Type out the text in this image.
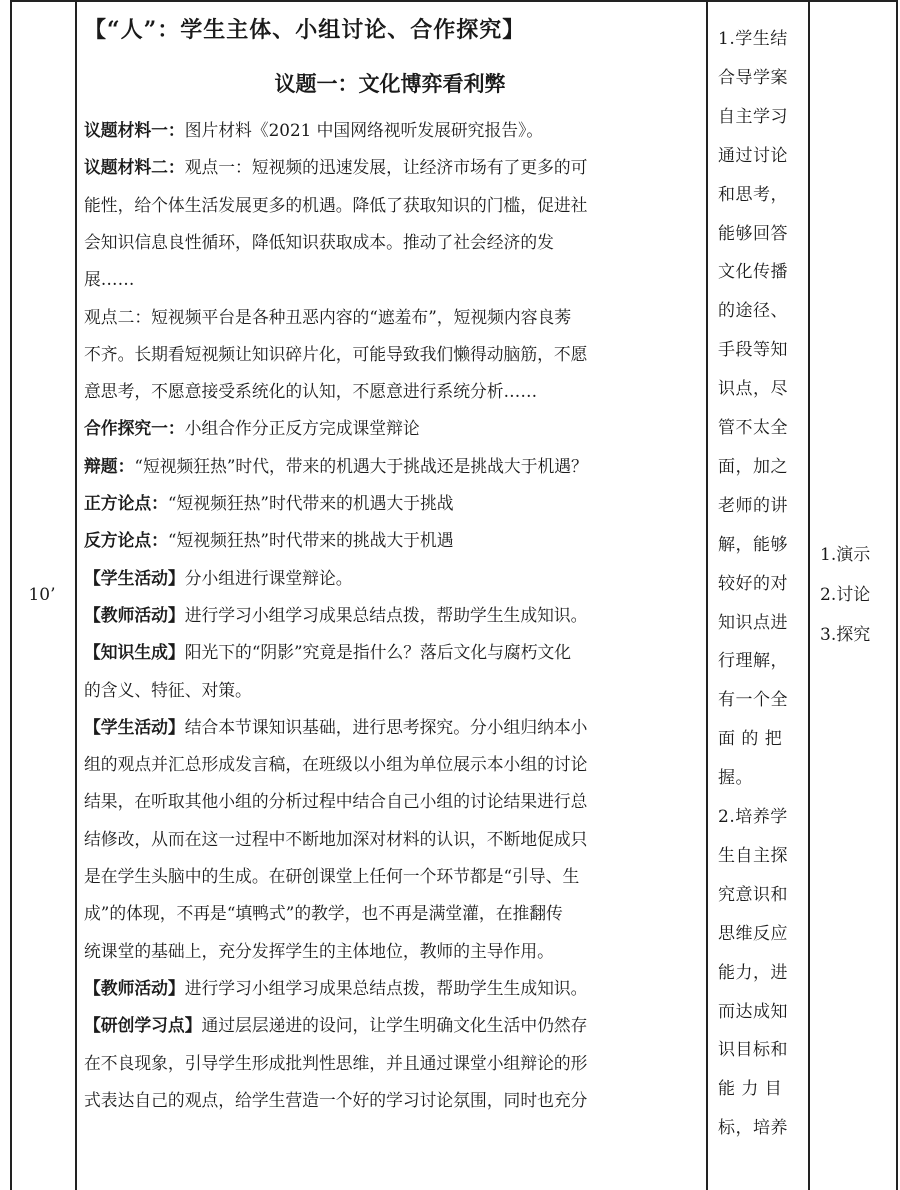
10’
【“人”：学生主体、小组讨论、合作探究】
议题一：文化博弈看利弊
议题材料一：图片材料《2021 中国网络视听发展研究报告》。
议题材料二：观点一：短视频的迅速发展，让经济市场有了更多的可
能性，给个体生活发展更多的机遇。降低了获取知识的门槛，促进社
会知识信息良性循环，降低知识获取成本。推动了社会经济的发
展……
观点二：短视频平台是各种丑恶内容的“遮羞布”，短视频内容良莠
不齐。长期看短视频让知识碎片化，可能导致我们懒得动脑筋，不愿
意思考，不愿意接受系统化的认知，不愿意进行系统分析……
合作探究一：小组合作分正反方完成课堂辩论
辩题：“短视频狂热”时代，带来的机遇大于挑战还是挑战大于机遇？
正方论点：“短视频狂热”时代带来的机遇大于挑战
反方论点：“短视频狂热”时代带来的挑战大于机遇
【学生活动】分小组进行课堂辩论。
【教师活动】进行学习小组学习成果总结点拨，帮助学生生成知识。
【知识生成】阳光下的“阴影”究竟是指什么？落后文化与腐朽文化
的含义、特征、对策。
【学生活动】结合本节课知识基础，进行思考探究。分小组归纳本小
组的观点并汇总形成发言稿，在班级以小组为单位展示本小组的讨论
结果，在听取其他小组的分析过程中结合自己小组的讨论结果进行总
结修改，从而在这一过程中不断地加深对材料的认识，不断地促成只
是在学生头脑中的生成。在研创课堂上任何一个环节都是“引导、生
成”的体现，不再是“填鸭式”的教学，也不再是满堂灌，在推翻传
统课堂的基础上，充分发挥学生的主体地位，教师的主导作用。
【教师活动】进行学习小组学习成果总结点拨，帮助学生生成知识。
【研创学习点】通过层层递进的设问，让学生明确文化生活中仍然存
在不良现象，引导学生形成批判性思维，并且通过课堂小组辩论的形
式表达自己的观点，给学生营造一个好的学习讨论氛围，同时也充分
1.学生结
合导学案
自主学习
通过讨论
和思考，
能够回答
文化传播
的途径、
手段等知
识点，尽
管不太全
面，加之
老师的讲
解，能够
较好的对
知识点进
行理解，
有一个全
面 的 把
握。
2.培养学
生自主探
究意识和
思维反应
能力，进
而达成知
识目标和
能 力 目
标，培养
1.演示
2.讨论
3.探究
